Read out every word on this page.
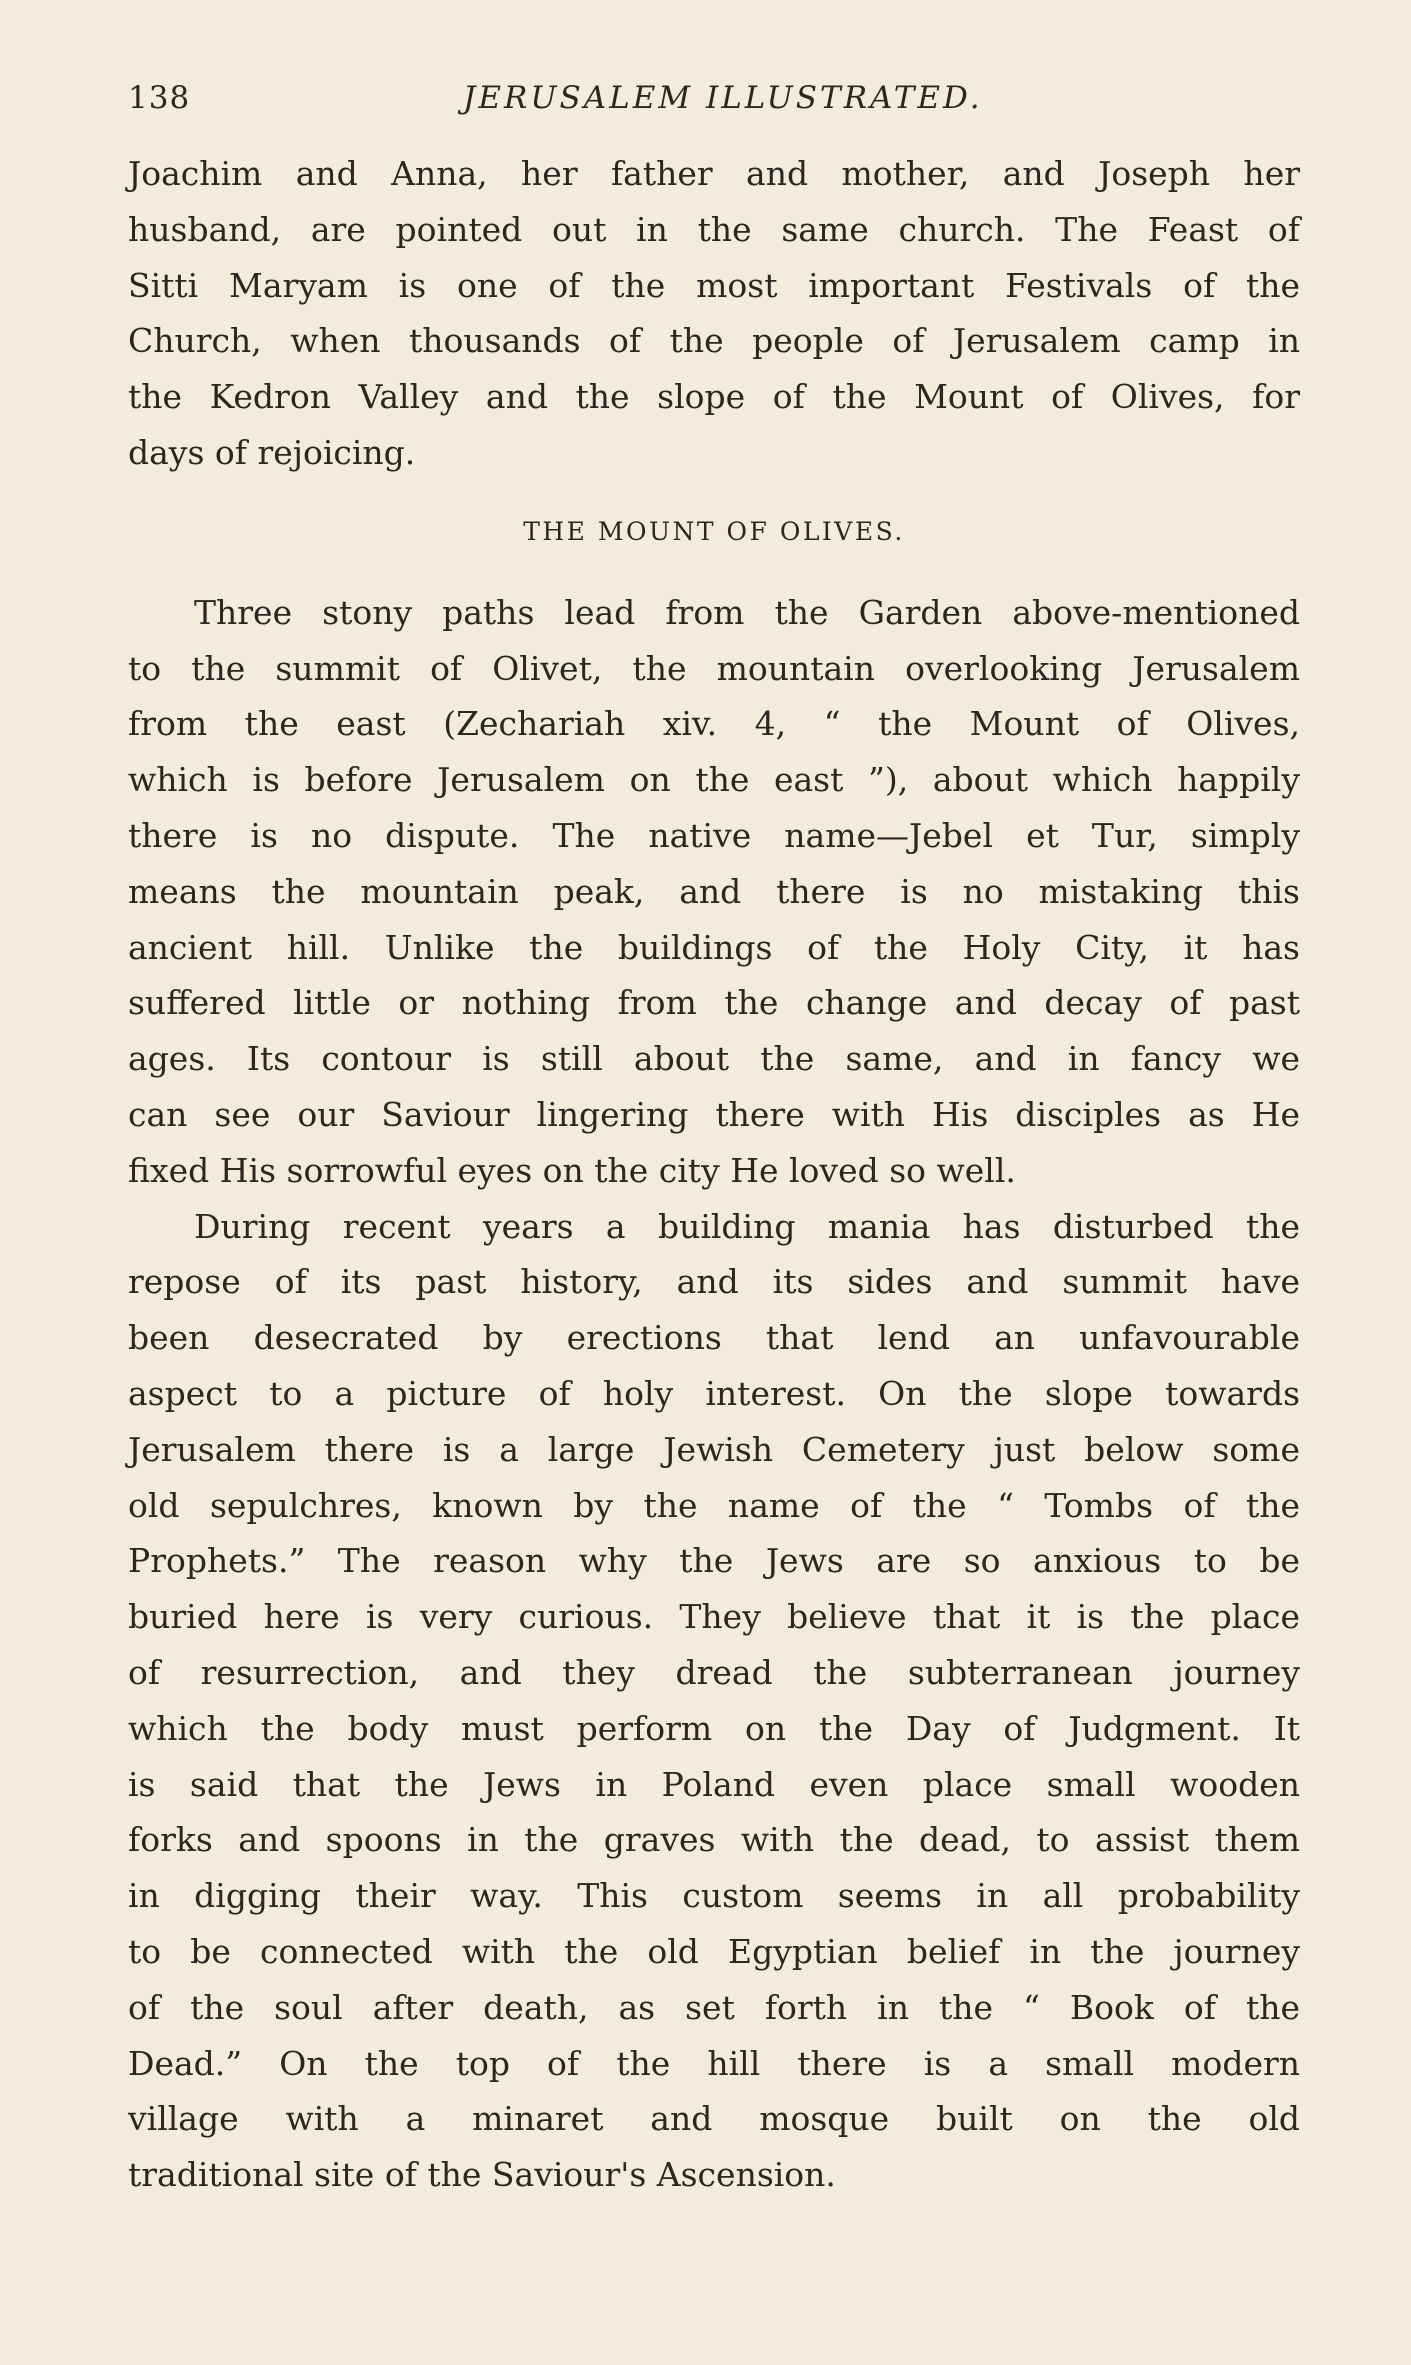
138	JERUSALEM ILLUSTRATED.
Joachim and Anna, her father and mother, and Joseph her
husband, are pointed out in the same church. The Feast of
Sitti Maryam is one of the most important Festivals of the
Church, when thousands of the people of Jerusalem camp in
the Kedron Valley and the slope of the Mount of Olives, for
days of rejoicing.
THE MOUNT OF OLIVES.
Three stony paths lead from the Garden above-mentioned
to the summit of Olivet, the mountain overlooking Jerusalem
from the east (Zechariah xiv. 4, “ the Mount of Olives,
which is before Jerusalem on the east ”), about which happily
there is no dispute. The native name—Jebel et Tur, simply
means the mountain peak, and there is no mistaking this
ancient hill. Unlike the buildings of the Holy City, it has
suffered little or nothing from the change and decay of past
ages. Its contour is still about the same, and in fancy we
can see our Saviour lingering there with His disciples as He
fixed His sorrowful eyes on the city He loved so well.
During recent years a building mania has disturbed the
repose of its past history, and its sides and summit have
been desecrated by erections that lend an unfavourable
aspect to a picture of holy interest. On the slope towards
Jerusalem there is a large Jewish Cemetery just below some
old sepulchres, known by the name of the “ Tombs of the
Prophets.” The reason why the Jews are so anxious to be
buried here is very curious. They believe that it is the place
of resurrection, and they dread the subterranean journey
which the body must perform on the Day of Judgment. It
is said that the Jews in Poland even place small wooden
forks and spoons in the graves with the dead, to assist them
in digging their way. This custom seems in all probability
to be connected with the old Egyptian belief in the journey
of the soul after death, as set forth in the “ Book of the
Dead.” On the top of the hill there is a small modern
village with a minaret and mosque built on the old
traditional site of the Saviour's Ascension.
